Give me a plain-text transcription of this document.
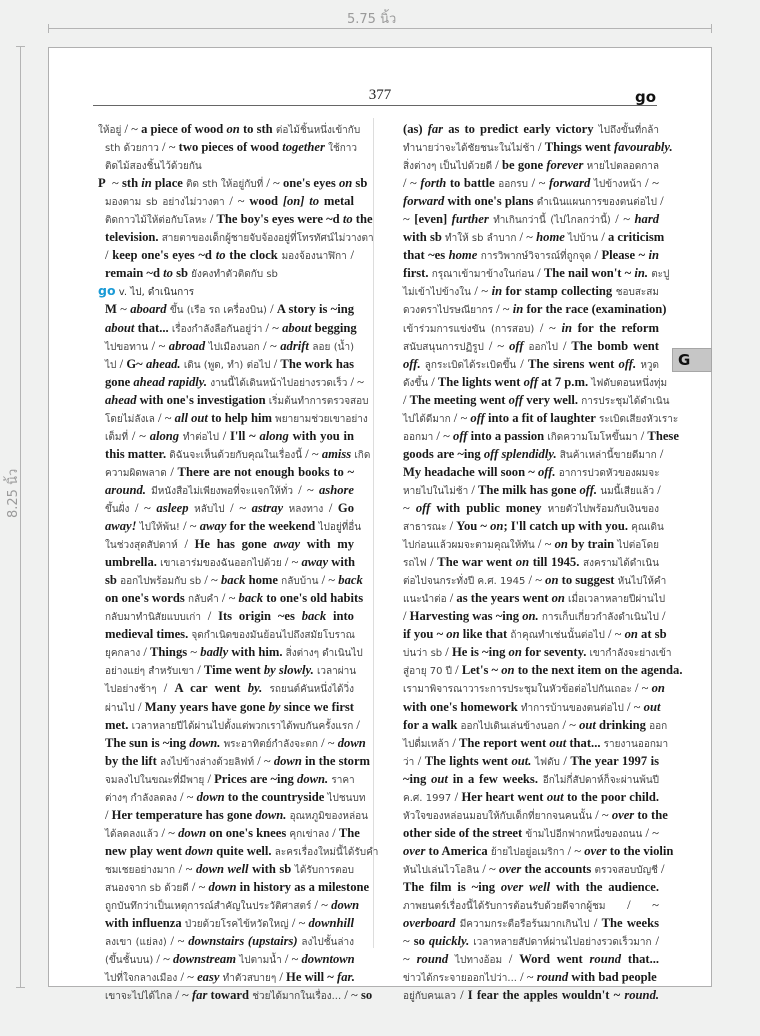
5.75 นิ้ว
8.25 นิ้ว
377	go
ให้อยู่ / ~ a piece of wood on to sth ต่อไม้ชิ้นหนึ่งเข้ากับ
sth ด้วยกาว / ~ two pieces of wood together ใช้กาว
ติดไม้สองชิ้นไว้ด้วยกัน
P  ~ sth in place ติด sth ให้อยู่กับที่ / ~ one's eyes on sb
มองตาม sb อย่างไม่วางตา / ~ wood [on] to metal
ติดกาวไม้ให้ต่อกับโลหะ / The boy's eyes were ~d to the
television. สายตาของเด็กผู้ชายจับจ้องอยู่ที่โทรทัศน์ไม่วางตา
/ keep one's eyes ~d to the clock มองจ้องนาฬิกา /
remain ~d to sb ยังคงทำตัวติดกับ sb
go v. ไป, ดำเนินการ
M ~ aboard ขึ้น (เรือ รถ เครื่องบิน) / A story is ~ing
about that... เรื่องกำลังลือกันอยู่ว่า / ~ about begging
ไปขอทาน / ~ abroad ไปเมืองนอก / ~ adrift ลอย (น้ำ)
ไป / G~ ahead. เดิน (พูด, ทำ) ต่อไป / The work has
gone ahead rapidly. งานนี้ได้เดินหน้าไปอย่างรวดเร็ว / ~
ahead with one's investigation เริ่มต้นทำการตรวจสอบ
โดยไม่ลังเล / ~ all out to help him พยายามช่วยเขาอย่าง
เต็มที่ / ~ along ทำต่อไป / I'll ~ along with you in
this matter. ดิฉันจะเห็นด้วยกับคุณในเรื่องนี้ / ~ amiss เกิด
ความผิดพลาด / There are not enough books to ~
around. มีหนังสือไม่เพียงพอที่จะแจกให้ทั่ว / ~ ashore
ขึ้นฝั่ง / ~ asleep หลับไป / ~ astray หลงทาง / Go
away! ไปให้พ้น! / ~ away for the weekend ไปอยู่ที่อื่น
ในช่วงสุดสัปดาห์ / He has gone away with my
umbrella. เขาเอาร่มของฉันออกไปด้วย / ~ away with
sb ออกไปพร้อมกับ sb / ~ back home กลับบ้าน / ~ back
on one's words กลับคำ / ~ back to one's old habits
กลับมาทำนิสัยแบบเก่า / Its origin ~es back into
medieval times. จุดกำเนิดของมันย้อนไปถึงสมัยโบราณ
ยุคกลาง / Things ~ badly with him. สิ่งต่างๆ ดำเนินไป
อย่างแย่ๆ สำหรับเขา / Time went by slowly. เวลาผ่าน
ไปอย่างช้าๆ / A car went by. รถยนต์คันหนึ่งได้วิ่ง
ผ่านไป / Many years have gone by since we first
met. เวลาหลายปีได้ผ่านไปตั้งแต่พวกเราได้พบกันครั้งแรก /
The sun is ~ing down. พระอาทิตย์กำลังจะตก / ~ down
by the lift ลงไปข้างล่างด้วยลิฟท์ / ~ down in the storm
จมลงไปในขณะที่มีพายุ / Prices are ~ing down. ราคา
ต่างๆ กำลังลดลง / ~ down to the countryside ไปชนบท
/ Her temperature has gone down. อุณหภูมิของหล่อน
ได้ลดลงแล้ว / ~ down on one's knees คุกเข่าลง / The
new play went down quite well. ละครเรื่องใหม่นี้ได้รับคำ
ชมเชยอย่างมาก / ~ down well with sb ได้รับการตอบ
สนองจาก sb ด้วยดี / ~ down in history as a milestone
ถูกบันทึกว่าเป็นเหตุการณ์สำคัญในประวัติศาสตร์ / ~ down
with influenza ป่วยด้วยโรคไข้หวัดใหญ่ / ~ downhill
ลงเขา (แย่ลง) / ~ downstairs (upstairs) ลงไปชั้นล่าง
(ขึ้นชั้นบน) / ~ downstream ไปตามน้ำ / ~ downtown
ไปที่ใจกลางเมือง / ~ easy ทำตัวสบายๆ / He will ~ far.
เขาจะไปได้ไกล / ~ far toward ช่วยได้มากในเรื่อง... / ~ so
(as) far as to predict early victory ไปถึงขั้นที่กล้า
ทำนายว่าจะได้ชัยชนะในไม่ช้า / Things went favourably.
สิ่งต่างๆ เป็นไปด้วยดี / be gone forever หายไปตลอดกาล
/ ~ forth to battle ออกรบ / ~ forward ไปข้างหน้า / ~
forward with one's plans ดำเนินแผนการของตนต่อไป /
~ [even] further ทำเกินกว่านี้ (ไปไกลกว่านี้) / ~ hard
with sb ทำให้ sb ลำบาก / ~ home ไปบ้าน / a criticism
that ~es home การวิพากษ์วิจารณ์ที่ถูกจุด / Please ~ in
first. กรุณาเข้ามาข้างในก่อน / The nail won't ~ in. ตะปู
ไม่เข้าไปข้างใน / ~ in for stamp collecting ชอบสะสม
ดวงตราไปรษณียากร / ~ in for the race (examination)
เข้าร่วมการแข่งขัน (การสอบ) / ~ in for the reform
สนับสนุนการปฏิรูป / ~ off ออกไป / The bomb went
off. ลูกระเบิดได้ระเบิดขึ้น / The sirens went off. หวูด
ดังขึ้น / The lights went off at 7 p.m. ไฟดับตอนหนึ่งทุ่ม
/ The meeting went off very well. การประชุมได้ดำเนิน
ไปได้ดีมาก / ~ off into a fit of laughter ระเบิดเสียงหัวเราะ
ออกมา / ~ off into a passion เกิดความโมโหขึ้นมา / These
goods are ~ing off splendidly. สินค้าเหล่านี้ขายดีมาก /
My headache will soon ~ off. อาการปวดหัวของผมจะ
หายไปในไม่ช้า / The milk has gone off. นมนี้เสียแล้ว /
~ off with public money หายตัวไปพร้อมกับเงินของ
สาธารณะ / You ~ on; I'll catch up with you. คุณเดิน
ไปก่อนแล้วผมจะตามคุณให้ทัน / ~ on by train ไปต่อโดย
รถไฟ / The war went on till 1945. สงครามได้ดำเนิน
ต่อไปจนกระทั่งปี ค.ศ. 1945 / ~ on to suggest หันไปให้คำ
แนะนำต่อ / as the years went on เมื่อเวลาหลายปีผ่านไป
/ Harvesting was ~ing on. การเก็บเกี่ยวกำลังดำเนินไป /
if you ~ on like that ถ้าคุณทำเช่นนั้นต่อไป / ~ on at sb
บ่นว่า sb / He is ~ing on for seventy. เขากำลังจะย่างเข้า
สู่อายุ 70 ปี / Let's ~ on to the next item on the agenda.
เรามาพิจารณาวาระการประชุมในหัวข้อต่อไปกันเถอะ / ~ on
with one's homework ทำการบ้านของตนต่อไป / ~ out
for a walk ออกไปเดินเล่นข้างนอก / ~ out drinking ออก
ไปดื่มเหล้า / The report went out that... รายงานออกมา
ว่า / The lights went out. ไฟดับ / The year 1997 is
~ing out in a few weeks. อีกไม่กี่สัปดาห์ก็จะผ่านพ้นปี
ค.ศ. 1997 / Her heart went out to the poor child.
หัวใจของหล่อนมอบให้กับเด็กที่ยากจนคนนั้น / ~ over to the
other side of the street ข้ามไปอีกฟากหนึ่งของถนน / ~
over to America ย้ายไปอยู่อเมริกา / ~ over to the violin
หันไปเล่นไวโอลิน / ~ over the accounts ตรวจสอบบัญชี /
The film is ~ing over well with the audience.
ภาพยนตร์เรื่องนี้ได้รับการต้อนรับด้วยดีจากผู้ชม / ~
overboard มีความกระตือรือร้นมากเกินไป / The weeks
~ so quickly. เวลาหลายสัปดาห์ผ่านไปอย่างรวดเร็วมาก /
~ round ไปทางอ้อม / Word went round that...
ข่าวได้กระจายออกไปว่า... / ~ round with bad people
อยู่กับคนเลว / I fear the apples wouldn't ~ round.
G
